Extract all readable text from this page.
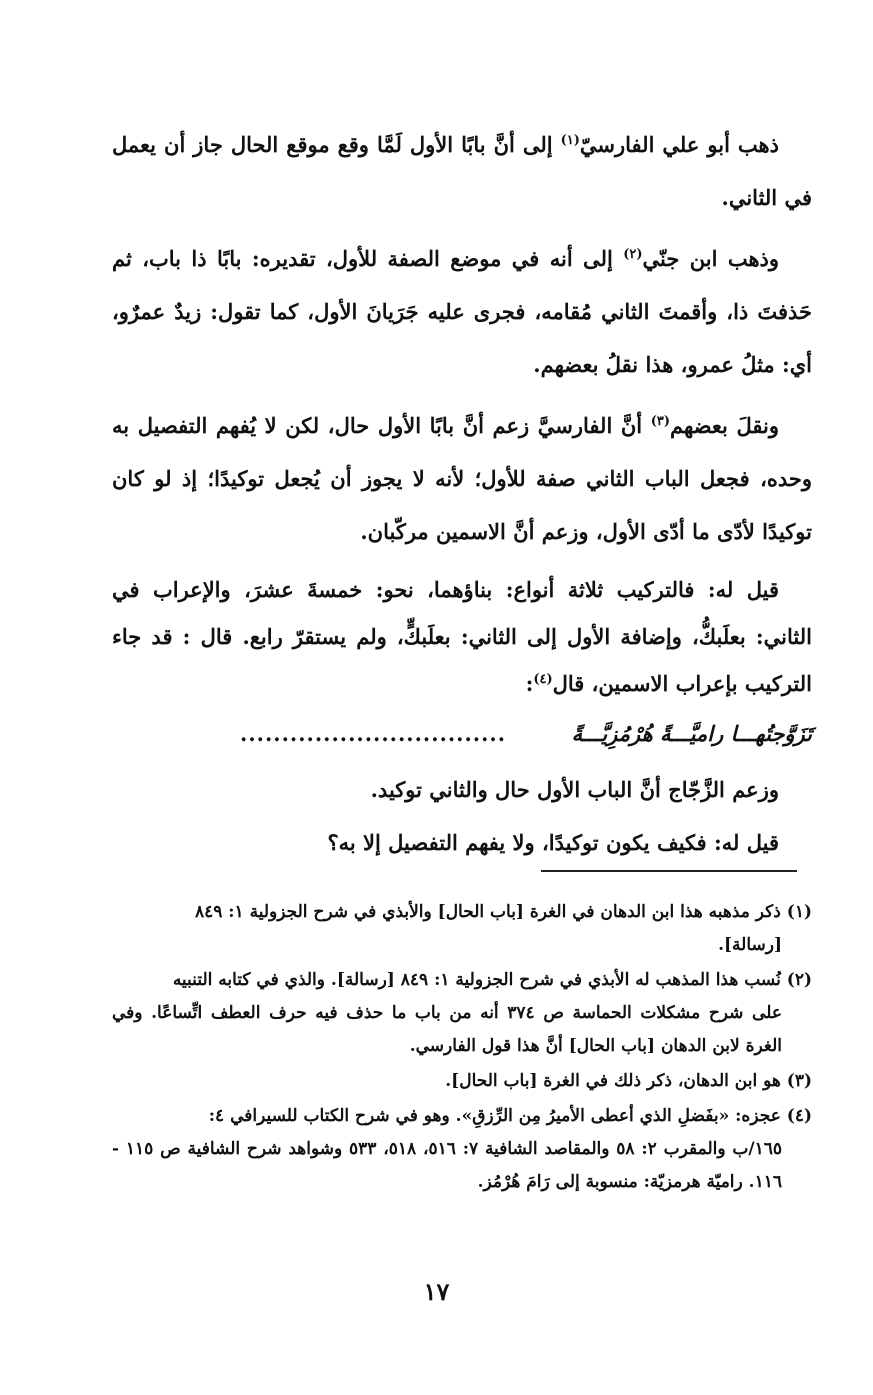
ذهب أبو علي الفارسيّ$^{(١)}$ إلى أنَّ بابًا الأول لَمَّا وقع موقع الحال جاز أن يعمل في الثاني.

وذهب ابن جنّي$^{(٢)}$ إلى أنه في موضع الصفة للأول، تقديره: بابًا ذا باب، ثم حَذفتَ ذا، وأقمتَ الثاني مُقامه، فجرى عليه جَرَيانَ الأول، كما تقول: زيدٌ عمرٌو، أي: مثلُ عمرو، هذا نقلُ بعضهم.

ونقلَ بعضهم$^{(٣)}$ أنَّ الفارسيَّ زعم أنَّ بابًا الأول حال، لكن لا يُفهم التفصيل به وحده، فجعل الباب الثاني صفة للأول؛ لأنه لا يجوز أن يُجعل توكيدًا؛ إذ لو كان توكيدًا لأدّى ما أدّى الأول، وزعم أنَّ الاسمين مركّبان.

قيل له: فالتركيب ثلاثة أنواع: بناؤهما، نحو: خمسةَ عشرَ، والإعراب في الثاني: بعلَبكُّ، وإضافة الأول إلى الثاني: بعلَبكٍّ، ولم يستقرّ رابع. قال : قد جاء التركيب بإعراب الاسمين، قال$^{(٤)}$:

تَزَوَّجتُهـــا راميَّـــةً هُرْمُزِيَّـــةً
................................

وزعم الزَّجّاج أنَّ الباب الأول حال والثاني توكيد.

قيل له: فكيف يكون توكيدًا، ولا يفهم التفصيل إلا به؟

(١) ذكر مذهبه هذا ابن الدهان في الغرة [باب الحال] والأبذي في شرح الجزولية ١: ٨٤٩
[رسالة].

(٢) نُسب هذا المذهب له الأبذي في شرح الجزولية ١: ٨٤٩ [رسالة]. والذي في كتابه التنبيه
على شرح مشكلات الحماسة ص ٣٧٤ أنه من باب ما حذف فيه حرف العطف اتِّساعًا. وفي الغرة لابن الدهان [باب الحال] أنَّ هذا قول الفارسي.

(٣) هو ابن الدهان، ذكر ذلك في الغرة [باب الحال].

(٤) عجزه: «بفَضلِ الذي أعطى الأميرُ مِن الرِّزقِ». وهو في شرح الكتاب للسيرافي ٤:
١٦٥/ب والمقرب ٢: ٥٨ والمقاصد الشافية ٧: ٥١٦، ٥١٨، ٥٣٣ وشواهد شرح الشافية ص ١١٥ - ١١٦. راميّة هرمزيّة: منسوبة إلى رَامَ هُرْمُز.

١٧
